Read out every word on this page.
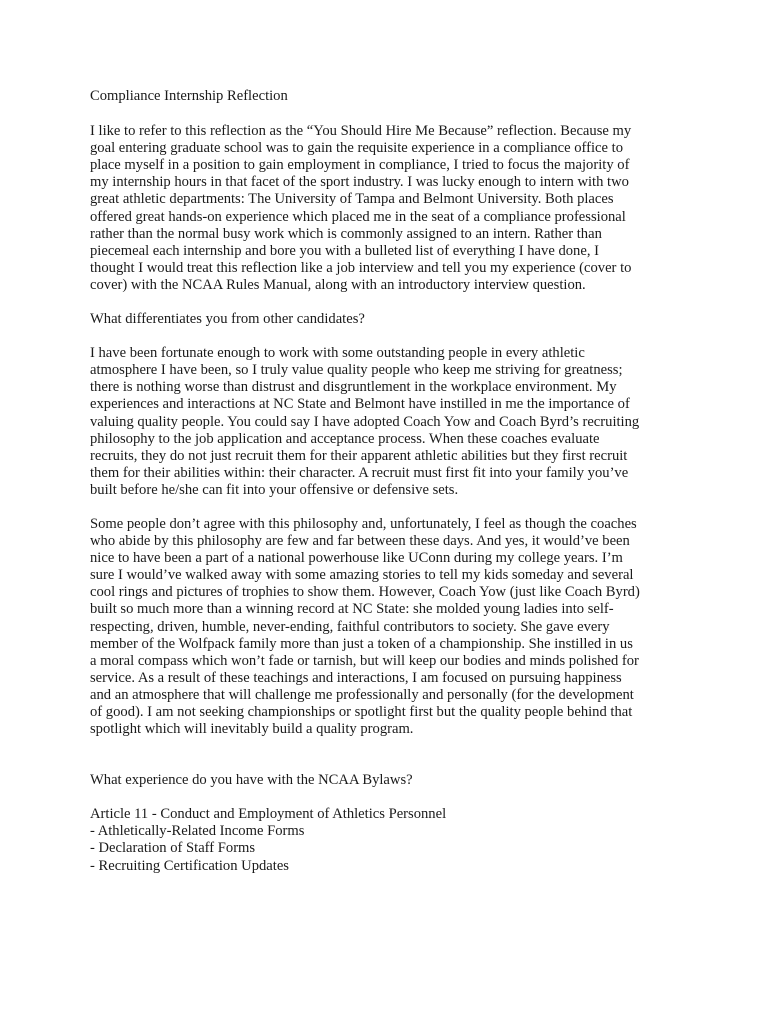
Compliance Internship Reflection

I like to refer to this reflection as the “You Should Hire Me Because” reflection. Because my
goal entering graduate school was to gain the requisite experience in a compliance office to
place myself in a position to gain employment in compliance, I tried to focus the majority of
my internship hours in that facet of the sport industry. I was lucky enough to intern with two
great athletic departments: The University of Tampa and Belmont University. Both places
offered great hands-on experience which placed me in the seat of a compliance professional
rather than the normal busy work which is commonly assigned to an intern. Rather than
piecemeal each internship and bore you with a bulleted list of everything I have done, I
thought I would treat this reflection like a job interview and tell you my experience (cover to
cover) with the NCAA Rules Manual, along with an introductory interview question.

What differentiates you from other candidates?

I have been fortunate enough to work with some outstanding people in every athletic
atmosphere I have been, so I truly value quality people who keep me striving for greatness;
there is nothing worse than distrust and disgruntlement in the workplace environment. My
experiences and interactions at NC State and Belmont have instilled in me the importance of
valuing quality people. You could say I have adopted Coach Yow and Coach Byrd’s recruiting
philosophy to the job application and acceptance process. When these coaches evaluate
recruits, they do not just recruit them for their apparent athletic abilities but they first recruit
them for their abilities within: their character. A recruit must first fit into your family you’ve
built before he/she can fit into your offensive or defensive sets.

Some people don’t agree with this philosophy and, unfortunately, I feel as though the coaches
who abide by this philosophy are few and far between these days. And yes, it would’ve been
nice to have been a part of a national powerhouse like UConn during my college years. I’m
sure I would’ve walked away with some amazing stories to tell my kids someday and several
cool rings and pictures of trophies to show them. However, Coach Yow (just like Coach Byrd)
built so much more than a winning record at NC State: she molded young ladies into self-
respecting, driven, humble, never-ending, faithful contributors to society. She gave every
member of the Wolfpack family more than just a token of a championship. She instilled in us
a moral compass which won’t fade or tarnish, but will keep our bodies and minds polished for
service. As a result of these teachings and interactions, I am focused on pursuing happiness
and an atmosphere that will challenge me professionally and personally (for the development
of good). I am not seeking championships or spotlight first but the quality people behind that
spotlight which will inevitably build a quality program.

What experience do you have with the NCAA Bylaws?

Article 11 - Conduct and Employment of Athletics Personnel
- Athletically-Related Income Forms
- Declaration of Staff Forms
- Recruiting Certification Updates
